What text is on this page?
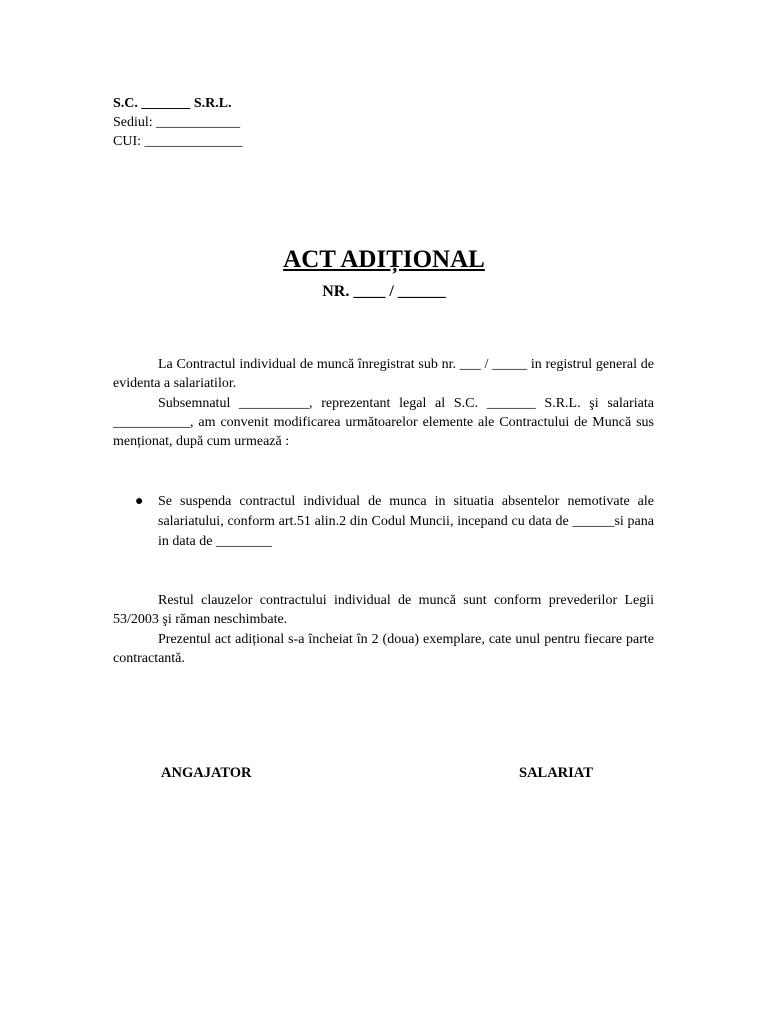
S.C. _______ S.R.L.
Sediul: ____________
CUI: ______________
ACT ADIȚIONAL
NR. ____ / ______

La Contractul individual de muncă înregistrat sub nr. ___ / _____ in registrul general de evidenta a salariatilor.

Subsemnatul __________, reprezentant legal al S.C. _______ S.R.L. şi salariata ___________, am convenit modificarea următoarelor elemente ale Contractului de Muncă sus menționat, după cum urmează :

● Se suspenda contractul individual de munca in situatia absentelor nemotivate ale salariatului, conform art.51 alin.2 din Codul Muncii, incepand cu data de ______si pana in data de ________

Restul clauzelor contractului individual de muncă sunt conform prevederilor Legii 53/2003 şi răman neschimbate.

Prezentul act adițional s-a încheiat în 2 (doua) exemplare, cate unul pentru fiecare parte contractantă.

ANGAJATOR	SALARIAT
